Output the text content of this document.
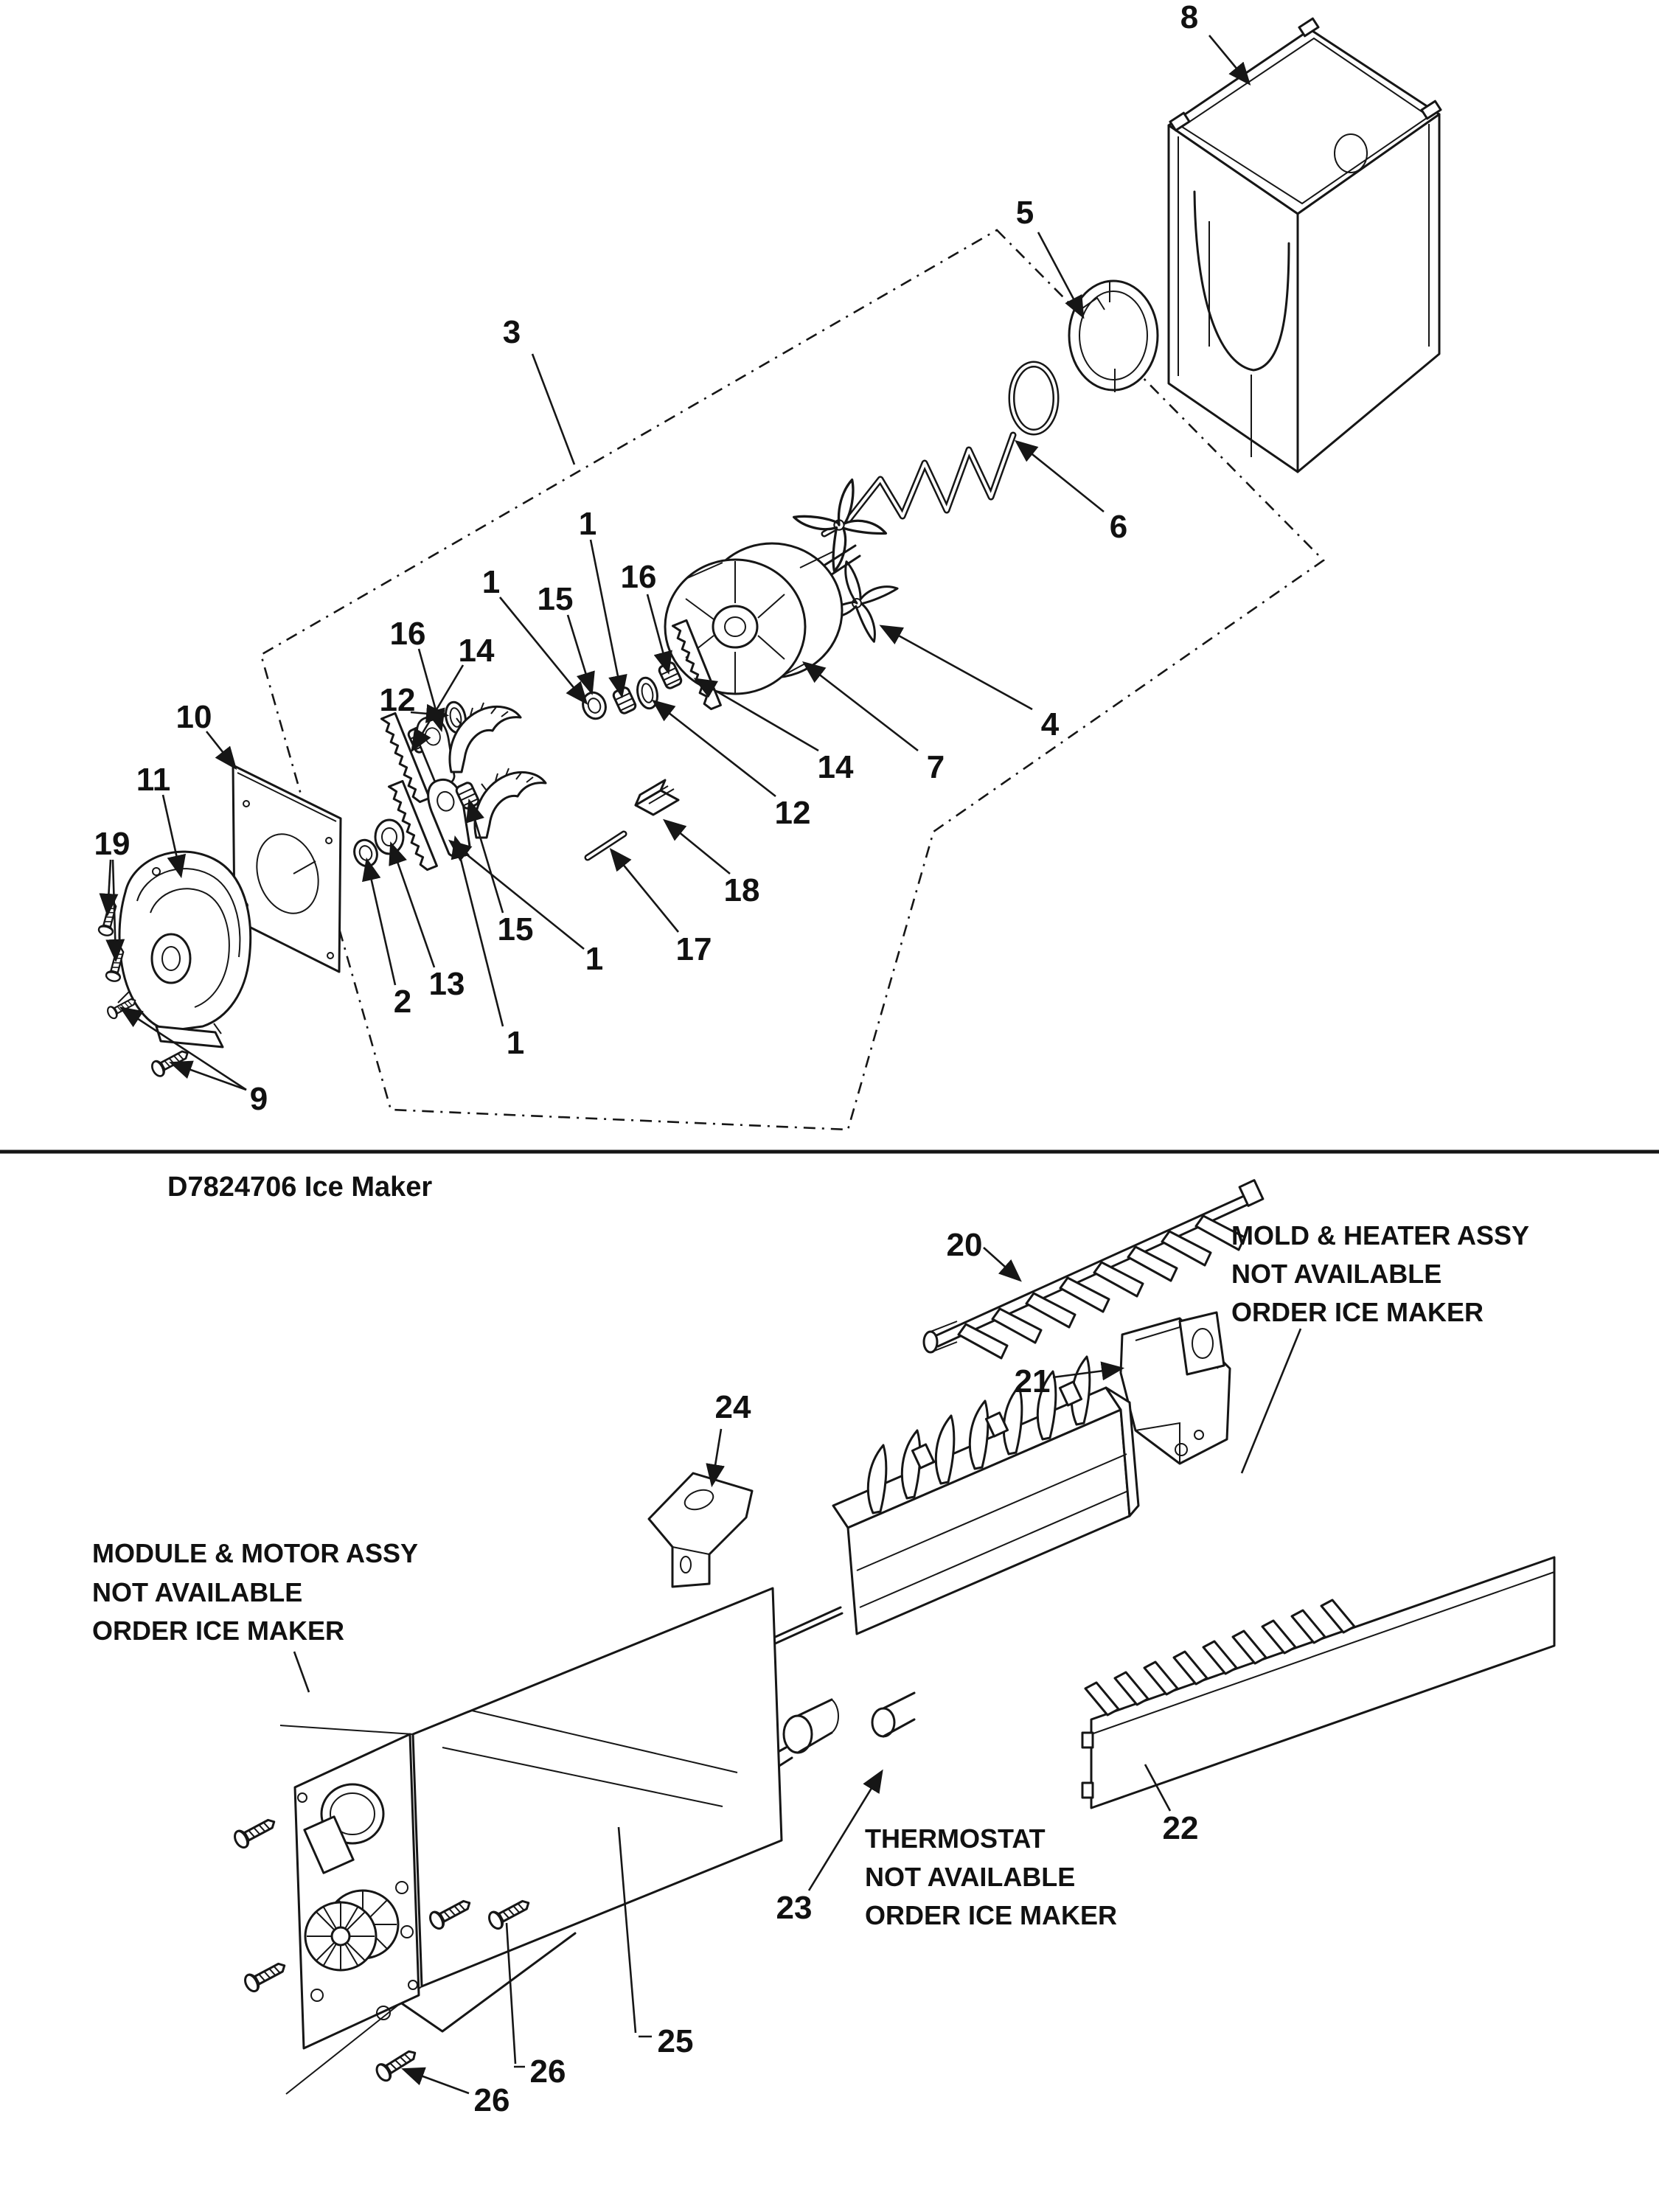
8
5
3
6
4
7
14
12
1
16
15
1
16 14
12
10
11
19
2 13
15
1 17
18
1
9
D7824706 Ice Maker
20
21
24
22
23
25
26
26
MOLD & HEATER ASSY
NOT AVAILABLE
ORDER ICE MAKER
MODULE & MOTOR ASSY
NOT AVAILABLE
ORDER ICE MAKER
THERMOSTAT
NOT AVAILABLE
ORDER ICE MAKER
